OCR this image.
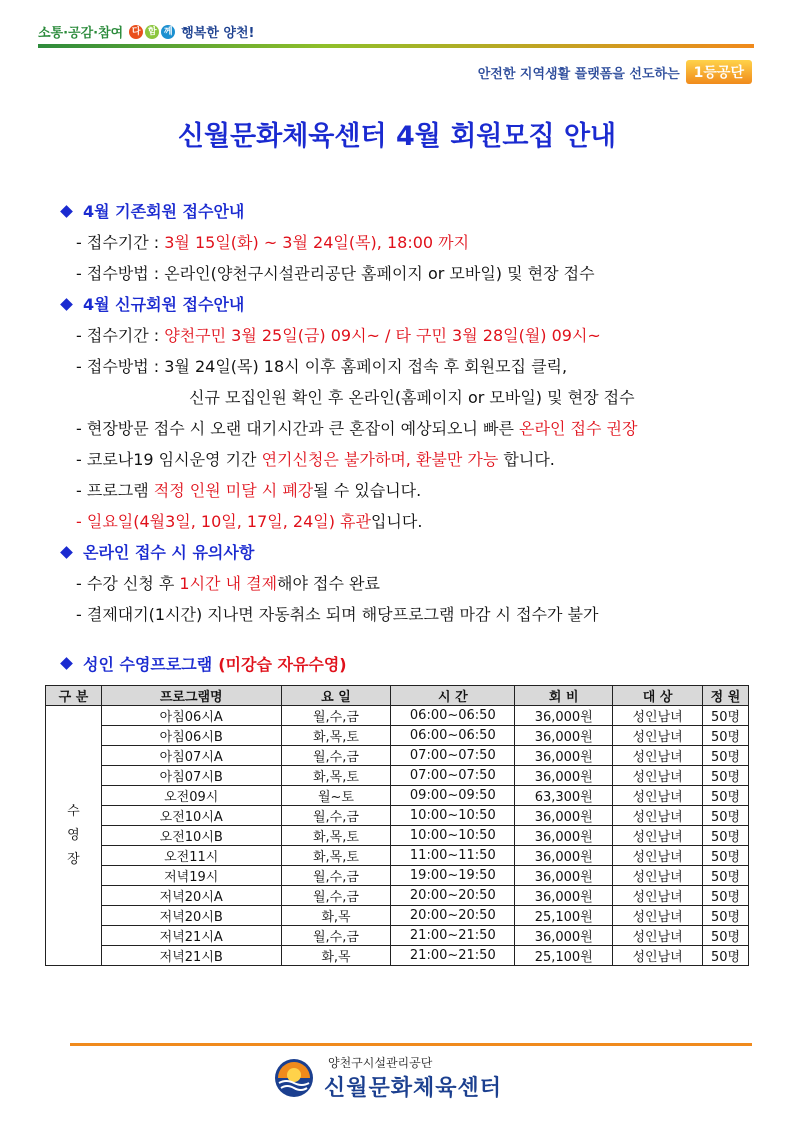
소통·공감·참여 다 함 께 행복한 양천!
안전한 지역생활 플랫폼을 선도하는	1등공단
신월문화체육센터 4월 회원모집 안내
4월 기존회원 접수안내
- 접수기간 : 3월 15일(화) ~ 3월 24일(목), 18:00 까지
- 접수방법 : 온라인(양천구시설관리공단 홈페이지 or 모바일) 및 현장 접수
4월 신규회원 접수안내
- 접수기간 : 양천구민 3월 25일(금) 09시~ / 타 구민 3월 28일(월) 09시~
- 접수방법 : 3월 24일(목) 18시 이후 홈페이지 접속 후 회원모집 클릭,
신규 모집인원 확인 후 온라인(홈페이지 or 모바일) 및 현장 접수
- 현장방문 접수 시 오랜 대기시간과 큰 혼잡이 예상되오니 빠른 온라인 접수 권장
- 코로나19 임시운영 기간 연기신청은 불가하며, 환불만 가능 합니다.
- 프로그램 적정 인원 미달 시 폐강될 수 있습니다.
- 일요일(4월3일, 10일, 17일, 24일) 휴관입니다.
온라인 접수 시 유의사항
- 수강 신청 후 1시간 내 결제해야 접수 완료
- 결제대기(1시간) 지나면 자동취소 되며 해당프로그램 마감 시 접수가 불가
성인 수영프로그램 (미강습 자유수영)
구 분	프로그램명	요 일	시 간	회 비	대 상	정 원

수
영
장	아침06시A	월,수,금	06:00~06:50	36,000원	성인남녀	50명
	아침06시B	화,목,토	06:00~06:50	36,000원	성인남녀	50명
	아침07시A	월,수,금	07:00~07:50	36,000원	성인남녀	50명
	아침07시B	화,목,토	07:00~07:50	36,000원	성인남녀	50명
	오전09시	월~토	09:00~09:50	63,300원	성인남녀	50명
	오전10시A	월,수,금	10:00~10:50	36,000원	성인남녀	50명
	오전10시B	화,목,토	10:00~10:50	36,000원	성인남녀	50명
	오전11시	화,목,토	11:00~11:50	36,000원	성인남녀	50명
	저녁19시	월,수,금	19:00~19:50	36,000원	성인남녀	50명
	저녁20시A	월,수,금	20:00~20:50	36,000원	성인남녀	50명
	저녁20시B	화,목	20:00~20:50	25,100원	성인남녀	50명
	저녁21시A	월,수,금	21:00~21:50	36,000원	성인남녀	50명
	저녁21시B	화,목	21:00~21:50	25,100원	성인남녀	50명
양천구시설관리공단
신월문화체육센터
